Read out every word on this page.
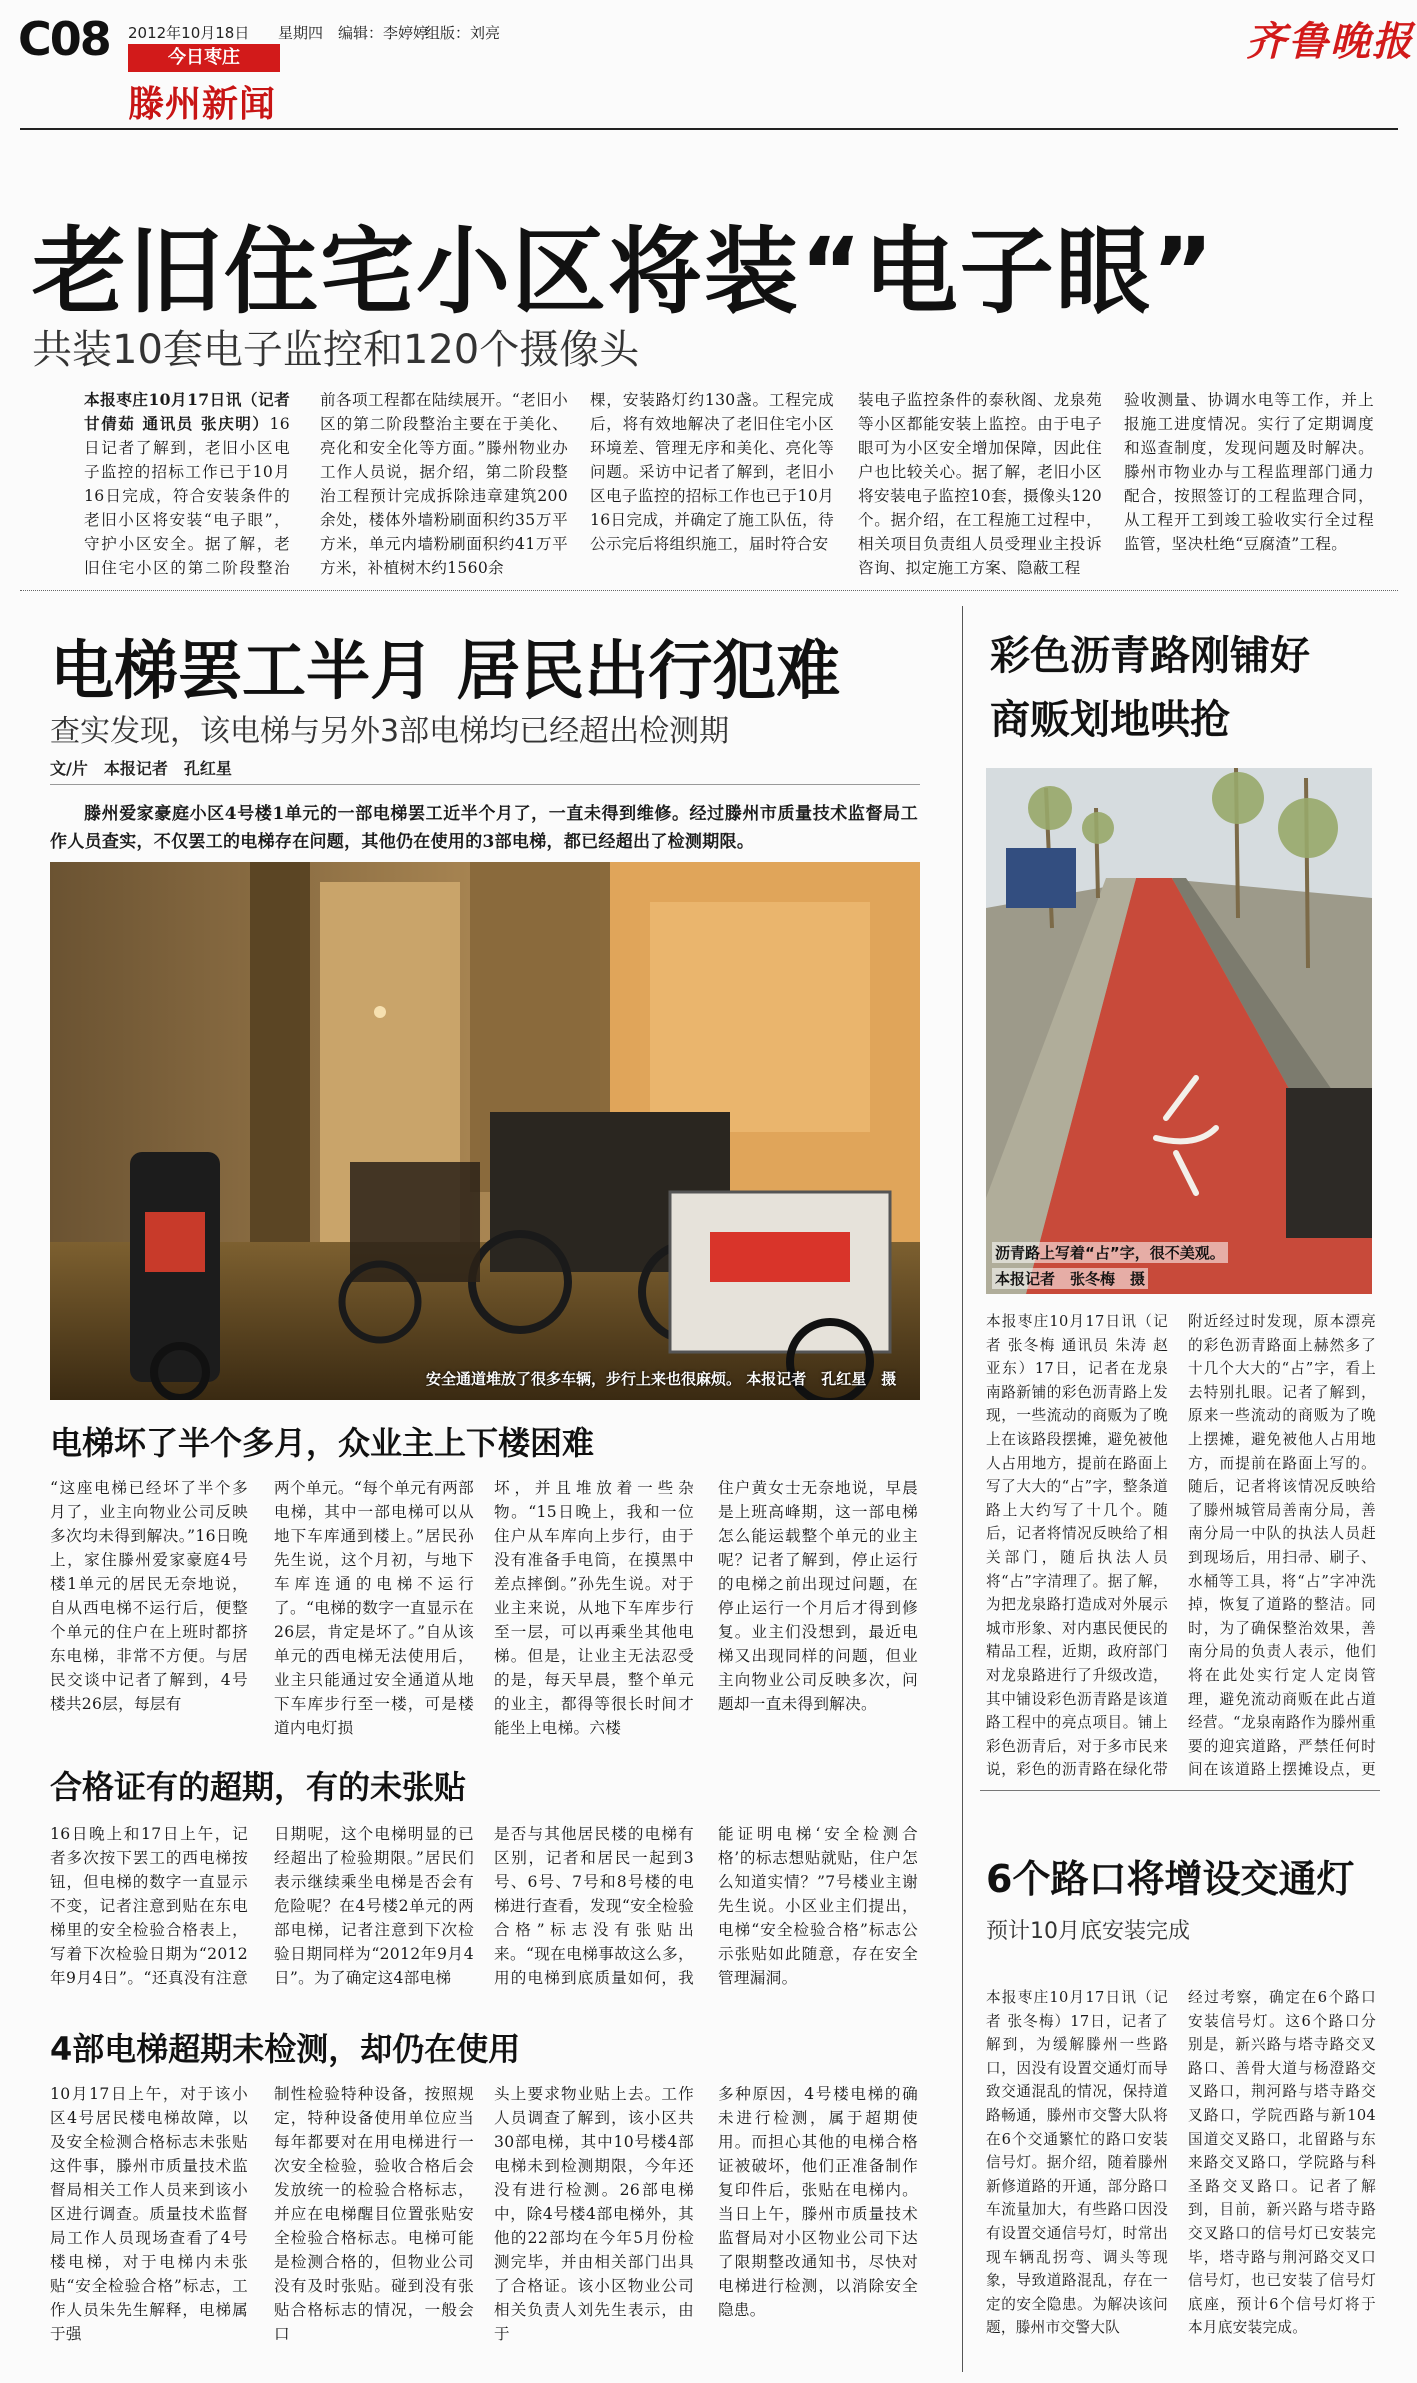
C08 2012年10月18日 星期四 编辑：李婷婷
组版：刘亮
今日枣庄
滕州新闻
齐鲁晚报
老旧住宅小区将装“电子眼”

共装10套电子监控和120个摄像头

本报枣庄10月17日讯（记者 甘倩茹 通讯员 张庆明）16日记者了解到，老旧小区电子监控的招标工作已于10月16日完成，符合安装条件的老旧小区将安装“电子眼”，守护小区安全。据了解，老旧住宅小区的第二阶段整治

前各项工程都在陆续展开。“老旧小区的第二阶段整治主要在于美化、亮化和安全化等方面。”滕州物业办工作人员说，据介绍，第二阶段整治工程预计完成拆除违章建筑200余处，楼体外墙粉刷面积约35万平方米，单元内墙粉刷面积约41万平方米，补植树木约1560余

棵，安装路灯约130盏。工程完成后，将有效地解决了老旧住宅小区环境差、管理无序和美化、亮化等问题。采访中记者了解到，老旧小区电子监控的招标工作也已于10月16日完成，并确定了施工队伍，待公示完后将组织施工，届时符合安

装电子监控条件的泰秋阁、龙泉苑等小区都能安装上监控。由于电子眼可为小区安全增加保障，因此住户也比较关心。据了解，老旧小区将安装电子监控10套，摄像头120个。据介绍，在工程施工过程中，相关项目负责组人员受理业主投诉咨询、拟定施工方案、隐蔽工程

验收测量、协调水电等工作，并上报施工进度情况。实行了定期调度和巡查制度，发现问题及时解决。滕州市物业办与工程监理部门通力配合，按照签订的工程监理合同，从工程开工到竣工验收实行全过程监管，坚决杜绝“豆腐渣”工程。

电梯罢工半月 居民出行犯难

查实发现，该电梯与另外3部电梯均已经超出检测期

文/片　本报记者　孔红星

滕州爱家豪庭小区4号楼1单元的一部电梯罢工近半个月了，一直未得到维修。经过滕州市质量技术监督局工作人员查实，不仅罢工的电梯存在问题，其他仍在使用的3部电梯，都已经超出了检测期限。

安全通道堆放了很多车辆，步行上来也很麻烦。 本报记者　孔红星　摄
电梯坏了半个多月，众业主上下楼困难

“这座电梯已经坏了半个多月了，业主向物业公司反映多次均未得到解决。”16日晚上，家住滕州爱家豪庭4号楼1单元的居民无奈地说，自从西电梯不运行后，便整个单元的住户在上班时都挤东电梯，非常不方便。与居民交谈中记者了解到，4号楼共26层，每层有

两个单元。“每个单元有两部电梯，其中一部电梯可以从地下车库通到楼上。”居民孙先生说，这个月初，与地下车库连通的电梯不运行了。“电梯的数字一直显示在26层，肯定是坏了。”自从该单元的西电梯无法使用后，业主只能通过安全通道从地下车库步行至一楼，可是楼道内电灯损

坏，并且堆放着一些杂物。“15日晚上，我和一位住户从车库向上步行，由于没有准备手电筒，在摸黑中差点摔倒。”孙先生说。对于业主来说，从地下车库步行至一层，可以再乘坐其他电梯。但是，让业主无法忍受的是，每天早晨，整个单元的业主，都得等很长时间才能坐上电梯。六楼

住户黄女士无奈地说，早晨是上班高峰期，这一部电梯怎么能运载整个单元的业主呢？记者了解到，停止运行的电梯之前出现过问题，在停止运行一个月后才得到修复。业主们没想到，最近电梯又出现同样的问题，但业主向物业公司反映多次，问题却一直未得到解决。

合格证有的超期，有的未张贴

16日晚上和17日上午，记者多次按下罢工的西电梯按钮，但电梯的数字一直显示不变，记者注意到贴在东电梯里的安全检验合格表上，写着下次检验日期为“2012年9月4日”。“还真没有注意

日期呢，这个电梯明显的已经超出了检验期限。”居民们表示继续乘坐电梯是否会有危险呢？在4号楼2单元的两部电梯，记者注意到下次检验日期同样为“2012年9月4日”。为了确定这4部电梯

是否与其他居民楼的电梯有区别，记者和居民一起到3号、6号、7号和8号楼的电梯进行查看，发现“安全检验合格”标志没有张贴出来。“现在电梯事故这么多，用的电梯到底质量如何，我

能证明电梯‘安全检测合格’的标志想贴就贴，住户怎么知道实情？”7号楼业主谢先生说。小区业主们提出，电梯“安全检验合格”标志公示张贴如此随意，存在安全管理漏洞。

4部电梯超期未检测，却仍在使用

10月17日上午，对于该小区4号居民楼电梯故障，以及安全检测合格标志未张贴这件事，滕州市质量技术监督局相关工作人员来到该小区进行调查。质量技术监督局工作人员现场查看了4号楼电梯，对于电梯内未张贴“安全检验合格”标志，工作人员朱先生解释，电梯属于强

制性检验特种设备，按照规定，特种设备使用单位应当每年都要对在用电梯进行一次安全检验，验收合格后会发放统一的检验合格标志，并应在电梯醒目位置张贴安全检验合格标志。电梯可能是检测合格的，但物业公司没有及时张贴。碰到没有张贴合格标志的情况，一般会口

头上要求物业贴上去。工作人员调查了解到，该小区共30部电梯，其中10号楼4部电梯未到检测期限，今年还没有进行检测。26部电梯中，除4号楼4部电梯外，其他的22部均在今年5月份检测完毕，并由相关部门出具了合格证。该小区物业公司相关负责人刘先生表示，由于

多种原因，4号楼电梯的确未进行检测，属于超期使用。而担心其他的电梯合格证被破坏，他们正准备制作复印件后，张贴在电梯内。当日上午，滕州市质量技术监督局对小区物业公司下达了限期整改通知书，尽快对电梯进行检测，以消除安全隐患。

彩色沥青路刚铺好
商贩划地哄抢
沥青路上写着“占”字，很不美观。
本报记者　张冬梅　摄

本报枣庄10月17日讯（记者 张冬梅 通讯员 朱涛 赵亚东）17日，记者在龙泉南路新铺的彩色沥青路上发现，一些流动的商贩为了晚上在该路段摆摊，避免被他人占用地方，提前在路面上写了大大的“占”字，整条道路上大约写了十几个。随后，记者将情况反映给了相关部门，随后执法人员将“占”字清理了。据了解，为把龙泉路打造成对外展示城市形象、对内惠民便民的精品工程，近期，政府部门对龙泉路进行了升级改造，其中铺设彩色沥青路是该道路工程中的亮点项目。铺上彩色沥青后，对于多市民来说，彩色的沥青路在绿化带

附近经过时发现，原本漂亮的彩色沥青路面上赫然多了十几个大大的“占”字，看上去特别扎眼。记者了解到，原来一些流动的商贩为了晚上摆摊，避免被他人占用地方，而提前在路面上写的。随后，记者将该情况反映给了滕州城管局善南分局，善南分局一中队的执法人员赶到现场后，用扫帚、刷子、水桶等工具，将“占”字冲洗掉，恢复了道路的整洁。同时，为了确保整治效果，善南分局的负责人表示，他们将在此处实行定人定岗管理，避免流动商贩在此占道经营。“龙泉南路作为滕州重要的迎宾道路，严禁任何时间在该道路上摆摊设点，更

6个路口将增设交通灯
预计10月底安装完成

本报枣庄10月17日讯（记者 张冬梅）17日，记者了解到，为缓解滕州一些路口，因没有设置交通灯而导致交通混乱的情况，保持道路畅通，滕州市交警大队将在6个交通繁忙的路口安装信号灯。据介绍，随着滕州新修道路的开通，部分路口车流量加大，有些路口因没有设置交通信号灯，时常出现车辆乱拐弯、调头等现象，导致道路混乱，存在一定的安全隐患。为解决该问题，滕州市交警大队

经过考察，确定在6个路口安装信号灯。这6个路口分别是，新兴路与塔寺路交叉路口、善骨大道与杨澄路交叉路口，荆河路与塔寺路交叉路口，学院西路与新104国道交叉路口，北留路与东来路交叉路口，学院路与科圣路交叉路口。记者了解到，目前，新兴路与塔寺路交叉路口的信号灯已安装完毕，塔寺路与荆河路交叉口信号灯，也已安装了信号灯底座，预计6个信号灯将于本月底安装完成。
